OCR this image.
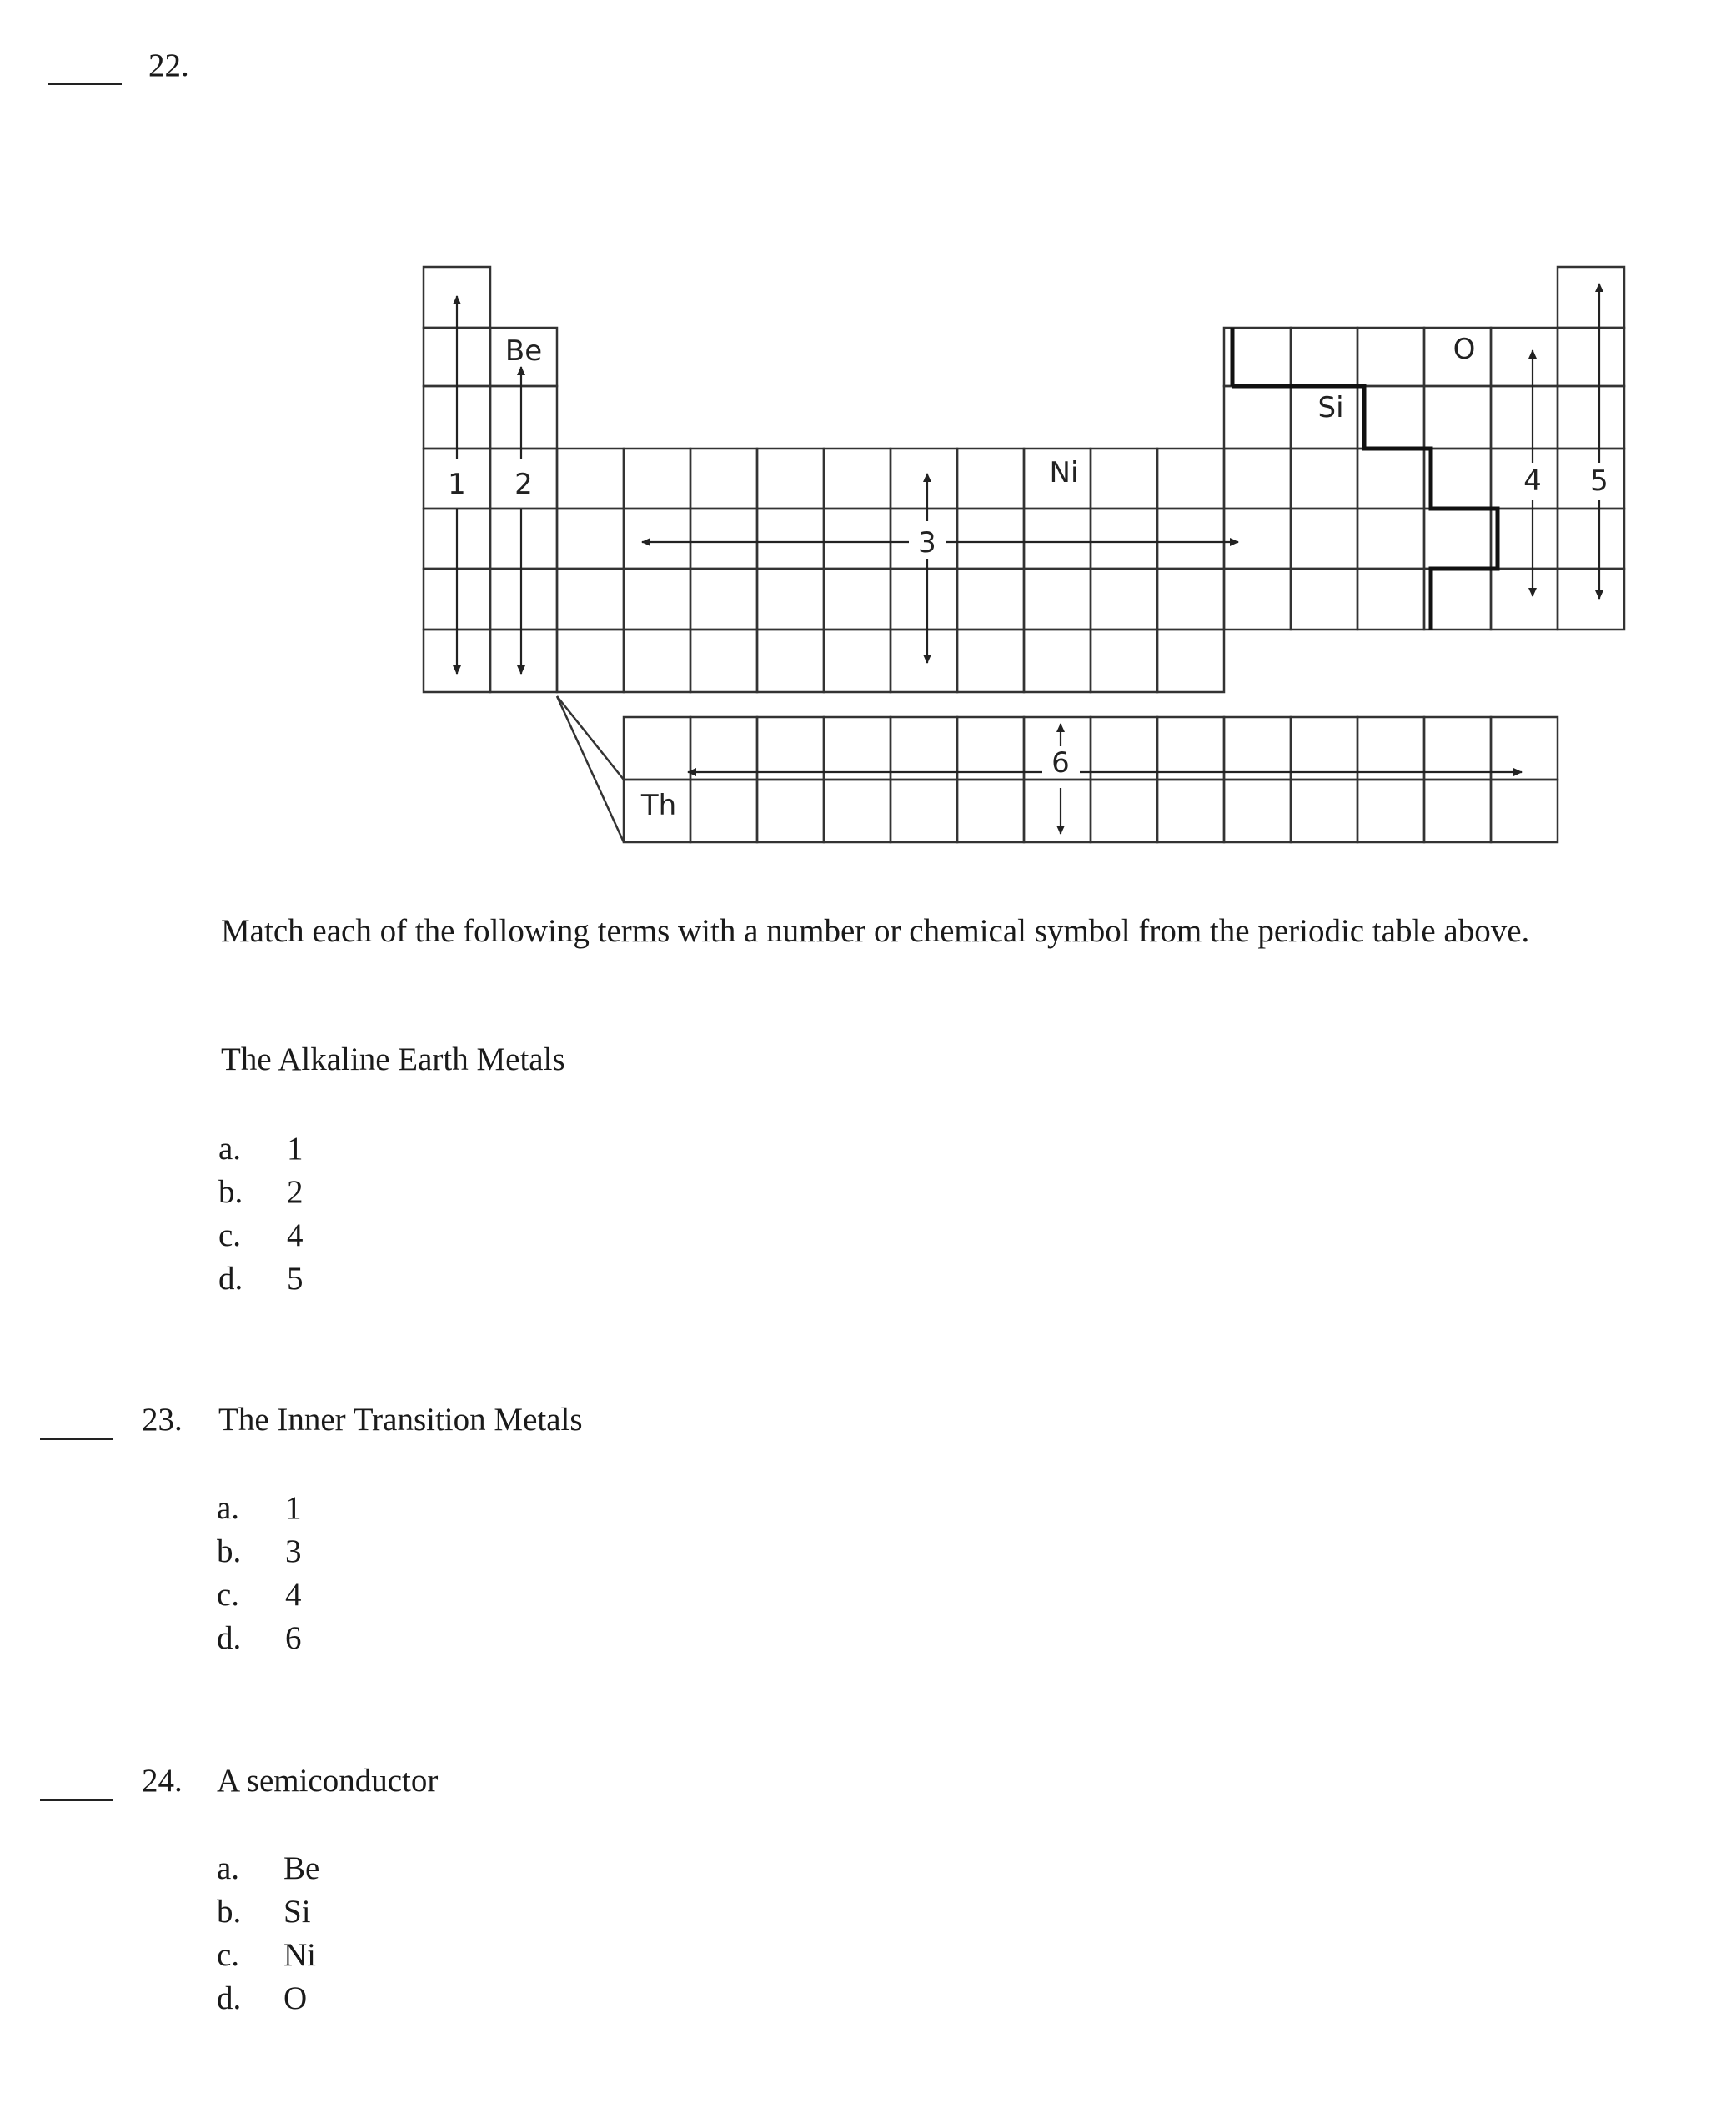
22.
1 2
3
4 5
6
Be
Si
Ni
O
Th
Match each of the following terms with a number or chemical symbol from the periodic table above.
The Alkaline Earth Metals
a. 1
b. 2
c. 4
d. 5
23. The Inner Transition Metals
a. 1
b. 3
c. 4
d. 6
24. A semiconductor
a. Be
b. Si
c. Ni
d. O
